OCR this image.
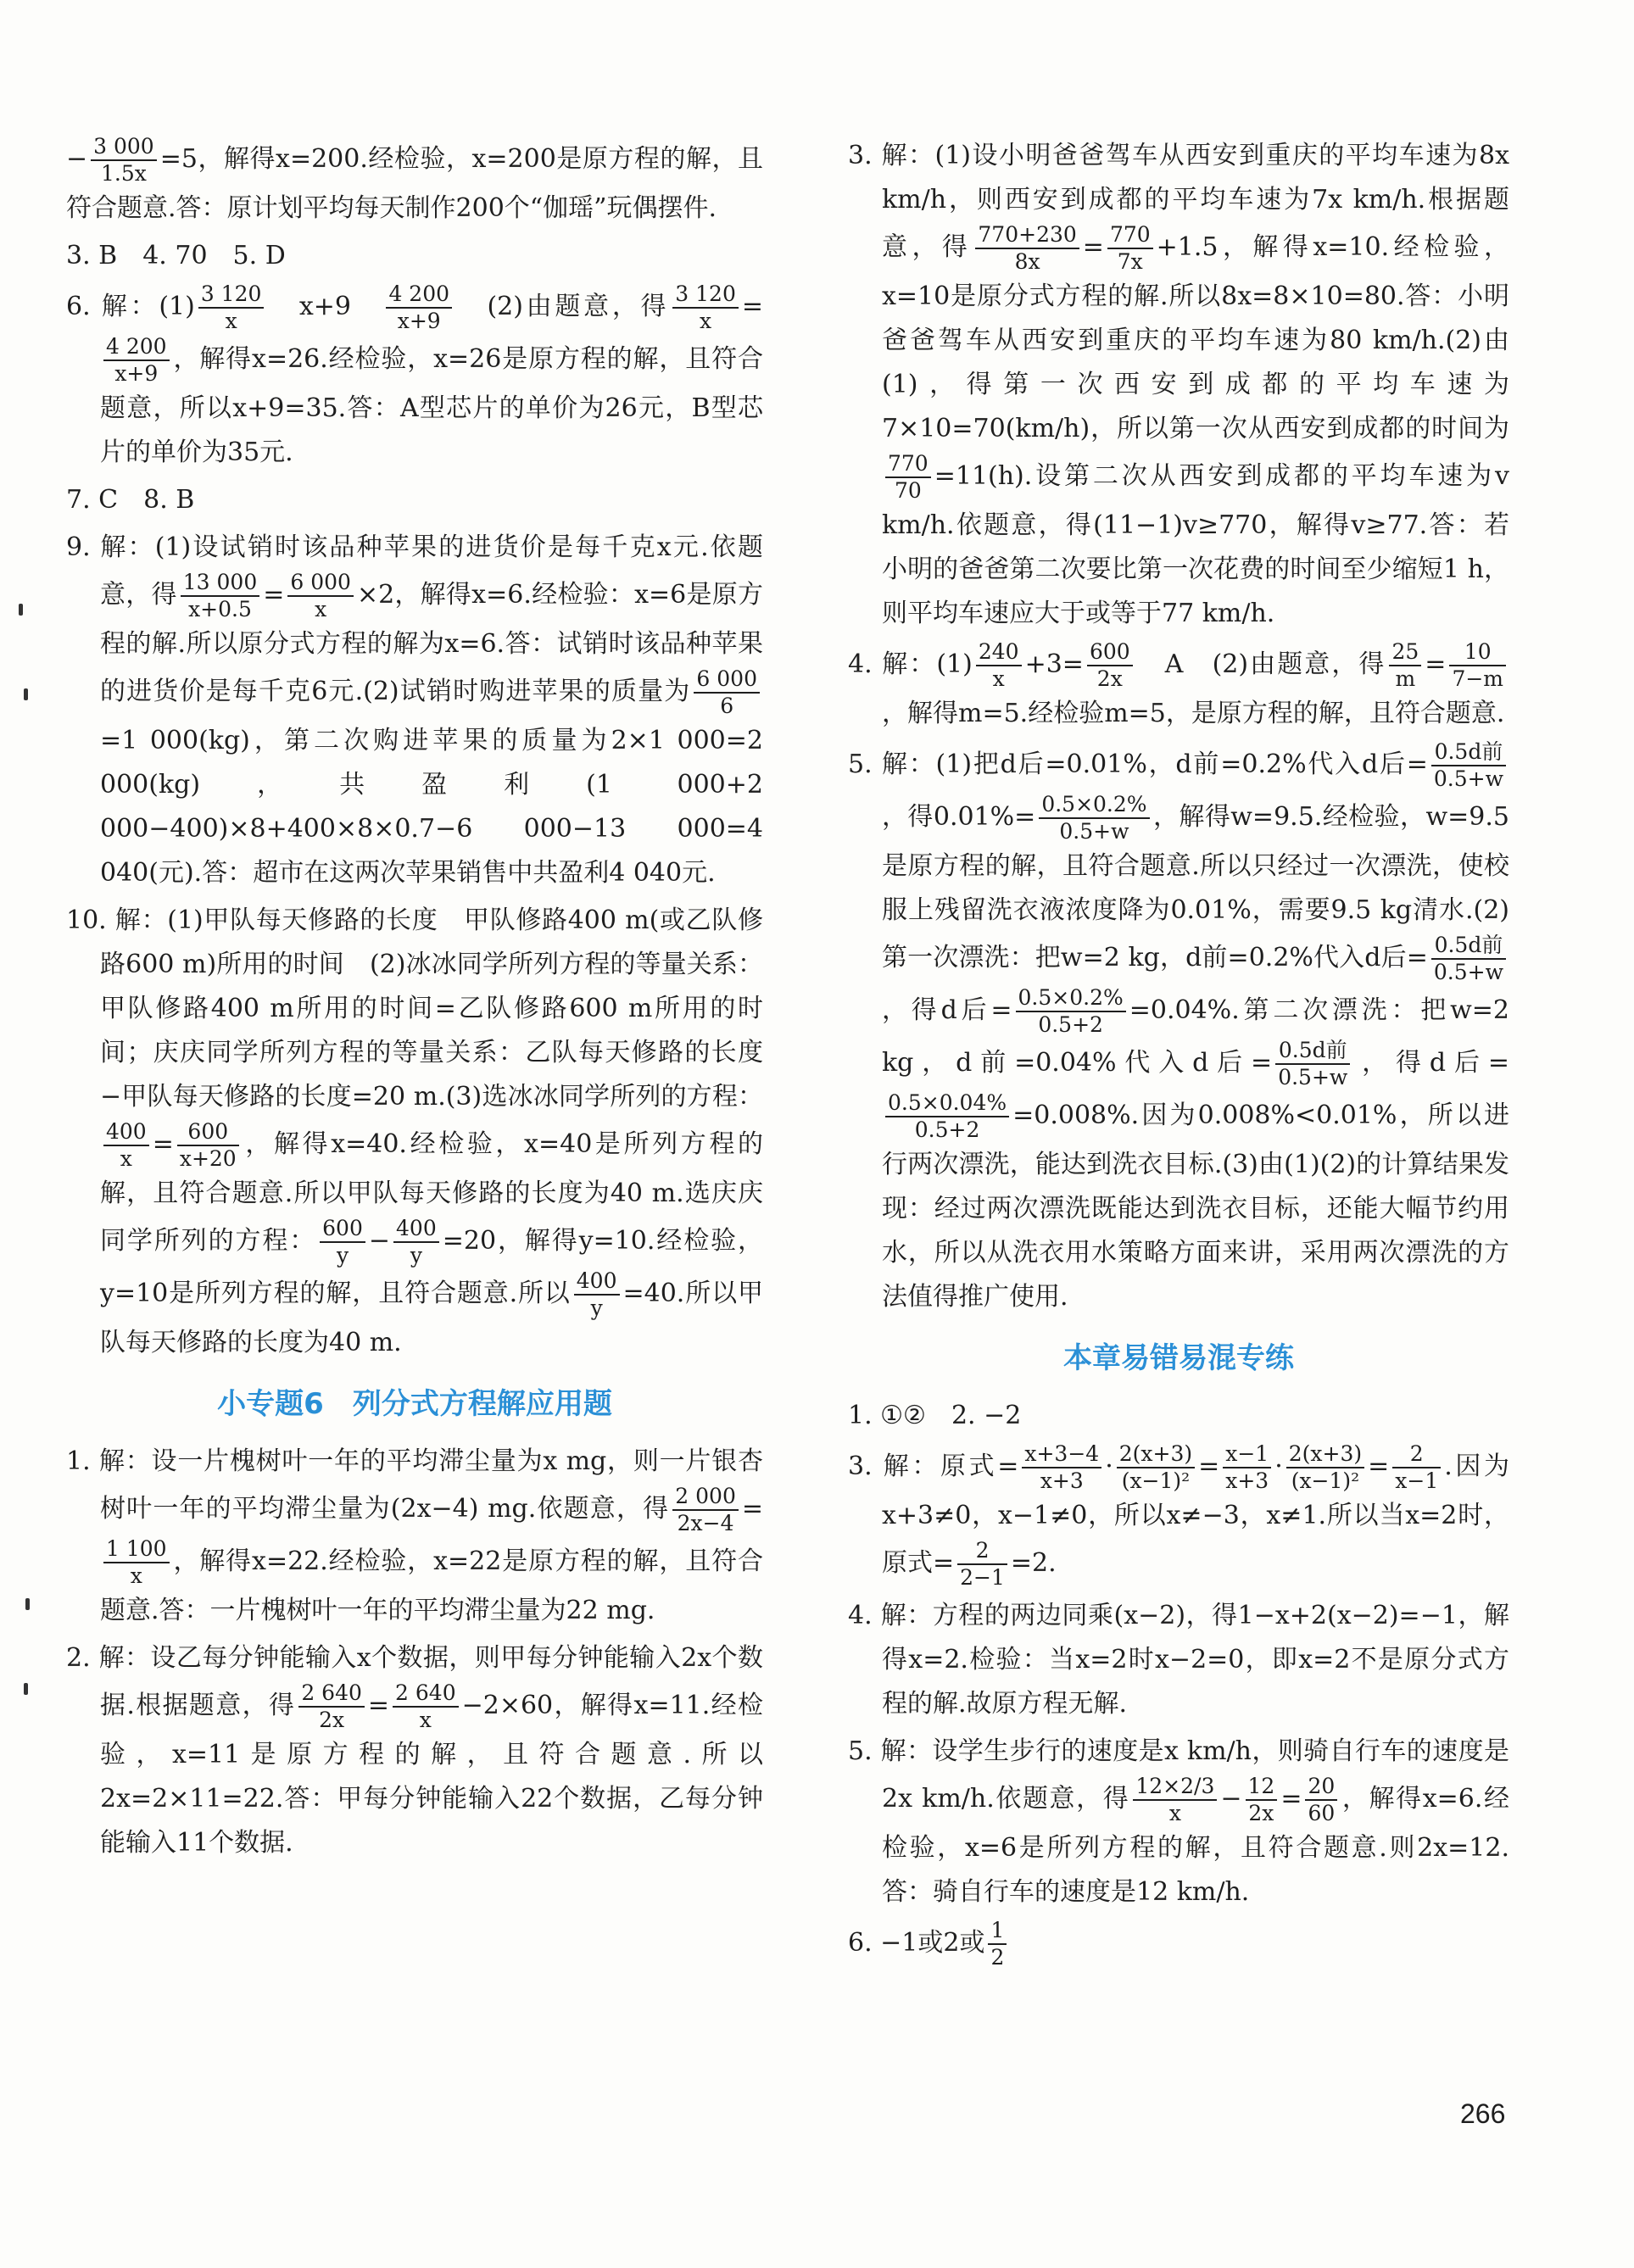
− $\frac{3 000}{1.5x} =5$，解得x=200.经检验，x=200是原方程的解，且符合题意.答：原计划平均每天制作200个“伽瑶”玩偶摆件.

3. B　4. 70　5. D

6. 解：$(1) \frac{3 120}{x}$ 　x+9　 $\frac{4 200}{x+9}$ 　(2)由题意，得 $\frac{3 120}{x}$ =
$\frac{4 200}{x+9}$ ，解得x=26.经检验，x=26是原方程的解，且符合题意，所以x+9=35.答：A型芯片的单价为26元，B型芯片的单价为35元.

7. C　8. B

9. 解：(1)设试销时该品种苹果的进货价是每千克x元.依题意，得 $\frac{13 000}{x+0.5} = \frac{6 000}{x} \times 2$，解得x=6.经检验：x=6是原方程的解.所以原分式方程的解为x=6.答：试销时该品种苹果的进货价是每千克6元.(2)试销时购进苹果的质量为 $\frac{6 000}{6}$
=1 000(kg)，第二次购进苹果的质量为2×1 000=2 000(kg)，共盈利(1 000+2 000−400)×8+400×8×0.7−6 000−13 000=4 040(元).答：超市在这两次苹果销售中共盈利4 040元.

10. 解：(1)甲队每天修路的长度　甲队修路400 m(或乙队修路600 m)所用的时间　(2)冰冰同学所列方程的等量关系：甲队修路400 m所用的时间=乙队修路600 m所用的时间；庆庆同学所列方程的等量关系：乙队每天修路的长度−甲队每天修路的长度=20 m.(3)选冰冰同学所列的方程：
$\frac{400}{x} = \frac{600}{x+20}$ ，解得x=40.经检验，x=40是所列方程的解，且符合题意.所以甲队每天修路的长度为40 m.选庆庆同学所列的方程： $\frac{600}{y} - \frac{400}{y} =20$，解得y=10.经检验，y=10是所列方程的解，且符合题意.所以 $\frac{400}{y} =40$.所以甲队每天修路的长度为40 m.

小专题6　列分式方程解应用题

1. 解：设一片槐树叶一年的平均滞尘量为x mg，则一片银杏树叶一年的平均滞尘量为(2x−4) mg.依题意，得 $\frac{2 000}{2x-4}$ =
$\frac{1 100}{x}$ ，解得x=22.经检验，x=22是原方程的解，且符合题意.答：一片槐树叶一年的平均滞尘量为22 mg.

2. 解：设乙每分钟能输入x个数据，则甲每分钟能输入2x个数据.根据题意，得 $\frac{2 640}{2x} = \frac{2 640}{x} -2\times 60$，解得x=11.经检验，x=11是原方程的解，且符合题意.所以2x=2×11=22.答：甲每分钟能输入22个数据，乙每分钟能输入11个数据.

3. 解：(1)设小明爸爸驾车从西安到重庆的平均车速为8x km/h，则西安到成都的平均车速为7x km/h.根据题意，得 $\frac{770+230}{8x} = \frac{770}{7x} +1.5$，解得x=10.经检验，x=10是原分式方程的解.所以8x=8×10=80.答：小明爸爸驾车从西安到重庆的平均车速为80 km/h.(2)由(1)，得第一次西安到成都的平均车速为7×10=70(km/h)，所以第一次从西安到成都的时间为
$\frac{770}{70} =11(h)$.设第二次从西安到成都的平均车速为v km/h.依题意，得(11−1)v≥770，解得v≥77.答：若小明的爸爸第二次要比第一次花费的时间至少缩短1 h，则平均车速应大于或等于77 km/h.

4. 解：$(1) \frac{240}{x} +3= \frac{600}{2x}$ 　A　(2)由题意，得 $\frac{25}{m} = \frac{10}{7-m}$
，解得m=5.经检验m=5，是原方程的解，且符合题意.

5. 解：(1)把d后=0.01%，d前=0.2%代入d后= $\frac{\text{0.5d前}}{0.5+w}$
，得$0.01\%= \frac{0.5\times 0.2\%}{0.5+w}$ ，解得w=9.5.经检验，w=9.5是原方程的解，且符合题意.所以只经过一次漂洗，使校服上残留洗衣液浓度降为0.01%，需要9.5 kg清水.(2)第一次漂洗：把w=2 kg，d前=0.2%代入d后= $\frac{\text{0.5d前}}{0.5+w}$
，得d后= $\frac{0.5\times 0.2\%}{0.5+2} =0.04\%$.第二次漂洗：把w=2 kg，d前=0.04%代入d后= $\frac{\text{0.5d前}}{0.5+w}$ ，得d后=
$\frac{0.5\times 0.04\%}{0.5+2} =0.008\%$.因为0.008%<0.01%，所以进行两次漂洗，能达到洗衣目标.(3)由(1)(2)的计算结果发现：经过两次漂洗既能达到洗衣目标，还能大幅节约用水，所以从洗衣用水策略方面来讲，采用两次漂洗的方法值得推广使用.

本章易错易混专练

1. ①②　2. −2

3. 解：原式= $\frac{x+3-4}{x+3} \cdot \frac{2(x+3)}{\text{(x−1)²}} = \frac{x-1}{x+3} \cdot \frac{2(x+3)}{\text{(x−1)²}} = \frac{2}{x-1}$ .因为x+3≠0，x−1≠0，所以x≠−3，x≠1.所以当x=2时，原式= $\frac{2}{2-1} =2$.

4. 解：方程的两边同乘(x−2)，得1−x+2(x−2)=−1，解得x=2.检验：当x=2时x−2=0，即x=2不是原分式方程的解.故原方程无解.

5. 解：设学生步行的速度是x km/h，则骑自行车的速度是2x km/h.依题意，得 $\frac{12\times 2/3}{x} - \frac{12}{2x} = \frac{20}{60}$ ，解得x=6.经检验，x=6是所列方程的解，且符合题意.则2x=12.答：骑自行车的速度是12 km/h.

6. −1或2或 $\frac{1}{2}$

266
